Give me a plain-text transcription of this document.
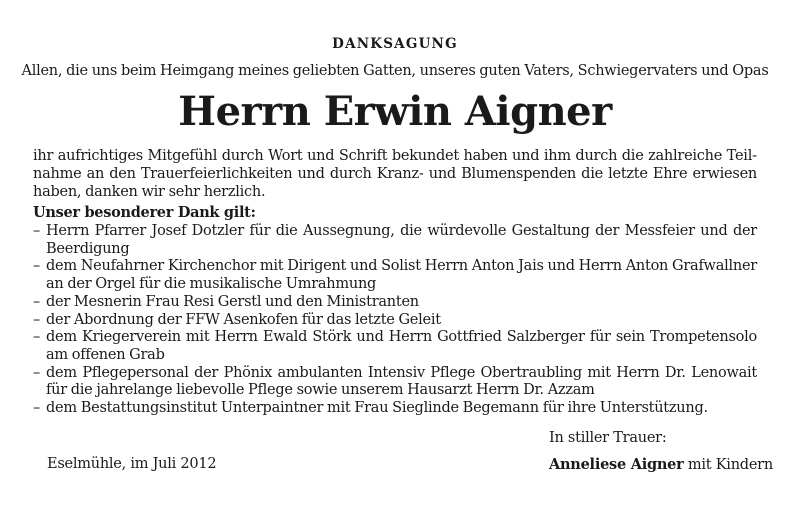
DANKSAGUNG
Allen, die uns beim Heimgang meines geliebten Gatten, unseres guten Vaters, Schwiegervaters und Opas
Herrn Erwin Aigner

ihr aufrichtiges Mitgefühl durch Wort und Schrift bekundet haben und ihm durch die zahlreiche Teilnahme an den Trauerfeierlichkeiten und durch Kranz- und Blumenspenden die letzte Ehre erwiesen haben, danken wir sehr herzlich.

Unser besonderer Dank gilt:
– Herrn Pfarrer Josef Dotzler für die Aussegnung, die würdevolle Gestaltung der Messfeier und der Beerdigung
– dem Neufahrner Kirchenchor mit Dirigent und Solist Herrn Anton Jais und Herrn Anton Grafwallner an der Orgel für die musikalische Umrahmung
– der Mesnerin Frau Resi Gerstl und den Ministranten
– der Abordnung der FFW Asenkofen für das letzte Geleit
– dem Kriegerverein mit Herrn Ewald Störk und Herrn Gottfried Salzberger für sein Trompetensolo am offenen Grab
– dem Pflegepersonal der Phönix ambulanten Intensiv Pflege Obertraubling mit Herrn Dr. Lenowait für die jahrelange liebevolle Pflege sowie unserem Hausarzt Herrn Dr. Azzam
– dem Bestattungsinstitut Unterpaintner mit Frau Sieglinde Begemann für ihre Unterstützung.
In stiller Trauer:
Eselmühle, im Juli 2012	Anneliese Aigner mit Kindern
